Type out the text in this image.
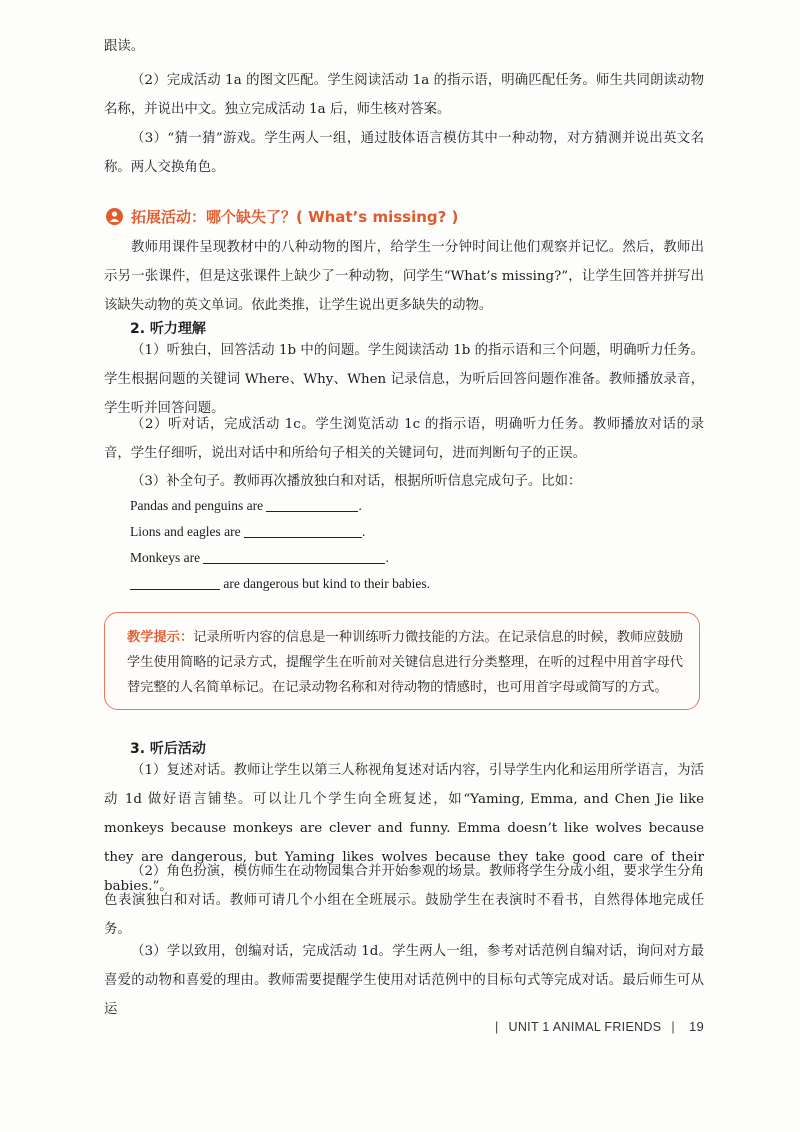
跟读。

（2）完成活动 1a 的图文匹配。学生阅读活动 1a 的指示语，明确匹配任务。师生共同朗读动物名称，并说出中文。独立完成活动 1a 后，师生核对答案。

（3）“猜一猜”游戏。学生两人一组，通过肢体语言模仿其中一种动物，对方猜测并说出英文名称。两人交换角色。

拓展活动：哪个缺失了？( What’s missing? )

教师用课件呈现教材中的八种动物的图片，给学生一分钟时间让他们观察并记忆。然后，教师出示另一张课件，但是这张课件上缺少了一种动物，问学生“What’s missing?”，让学生回答并拼写出该缺失动物的英文单词。依此类推，让学生说出更多缺失的动物。

2. 听力理解

（1）听独白，回答活动 1b 中的问题。学生阅读活动 1b 的指示语和三个问题，明确听力任务。学生根据问题的关键词 Where、Why、When 记录信息，为听后回答问题作准备。教师播放录音，学生听并回答问题。

（2）听对话，完成活动 1c。学生浏览活动 1c 的指示语，明确听力任务。教师播放对话的录音，学生仔细听，说出对话中和所给句子相关的关键词句，进而判断句子的正误。

（3）补全句子。教师再次播放独白和对话，根据所听信息完成句子。比如：

Pandas and penguins are	.
Lions and eagles are	.
Monkeys are	.
are dangerous but kind to their babies.
教学提示：记录所听内容的信息是一种训练听力微技能的方法。在记录信息的时候，教师应鼓励学生使用简略的记录方式，提醒学生在听前对关键信息进行分类整理，在听的过程中用首字母代替完整的人名简单标记。在记录动物名称和对待动物的情感时，也可用首字母或简写的方式。

3. 听后活动

（1）复述对话。教师让学生以第三人称视角复述对话内容，引导学生内化和运用所学语言，为活动 1d 做好语言铺垫。可以让几个学生向全班复述，如“Yaming, Emma, and Chen Jie like monkeys because monkeys are clever and funny. Emma doesn’t like wolves because they are dangerous, but Yaming likes wolves because they take good care of their babies.”。

（2）角色扮演，模仿师生在动物园集合并开始参观的场景。教师将学生分成小组，要求学生分角色表演独白和对话。教师可请几个小组在全班展示。鼓励学生在表演时不看书，自然得体地完成任务。

（3）学以致用，创编对话，完成活动 1d。学生两人一组，参考对话范例自编对话，询问对方最喜爱的动物和喜爱的理由。教师需要提醒学生使用对话范例中的目标句式等完成对话。最后师生可从运

| UNIT 1 ANIMAL FRIENDS | 19
